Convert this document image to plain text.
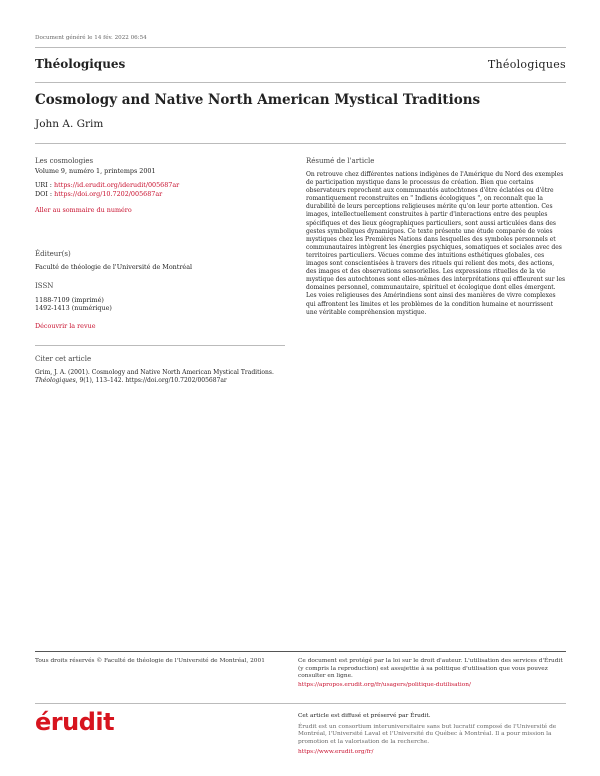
Document généré le 14 fév. 2022 06:54
Théologiques	Théologiques
Cosmology and Native North American Mystical Traditions
John A. Grim
Les cosmologies
Volume 9, numéro 1, printemps 2001
URI : https://id.erudit.org/iderudit/005687ar
DOI : https://doi.org/10.7202/005687ar
Aller au sommaire du numéro
Éditeur(s)
Faculté de théologie de l'Université de Montréal
ISSN
1188-7109 (imprimé)
1492-1413 (numérique)
Découvrir la revue
Citer cet article
Grim, J. A. (2001). Cosmology and Native North American Mystical Traditions.
Théologiques, 9(1), 113–142. https://doi.org/10.7202/005687ar
Résumé de l'article
On retrouve chez différentes nations indigènes de l'Amérique du Nord des exemples de participation mystique dans le processus de création. Bien que certains observateurs reprochent aux communautés autochtones d'être éclatées ou d'être romantiquement reconstruites en " Indiens écologiques ", on reconnaît que la durabilité de leurs perceptions religieuses mérite qu'on leur porte attention. Ces images, intellectuellement construites à partir d'interactions entre des peuples spécifiques et des lieux géographiques particuliers, sont aussi articulées dans des gestes symboliques dynamiques. Ce texte présente une étude comparée de voies mystiques chez les Premières Nations dans lesquelles des symboles personnels et communautaires intègrent les énergies psychiques, somatiques et sociales avec des territoires particuliers. Vécues comme des intuitions esthétiques globales, ces images sont conscientisées à travers des rituels qui relient des mots, des actions, des images et des observations sensorielles. Les expressions rituelles de la vie mystique des autochtones sont elles-mêmes des interprétations qui effleurent sur les domaines personnel, communautaire, spirituel et écologique dont elles émergent. Les voies religieuses des Amérindiens sont ainsi des manières de vivre complexes qui affrontent les limites et les problèmes de la condition humaine et nourrissent une véritable compréhension mystique.
Tous droits réservés © Faculté de théologie de l'Université de Montréal, 2001	Ce document est protégé par la loi sur le droit d'auteur. L'utilisation des services d'Érudit (y compris la reproduction) est assujettie à sa politique d'utilisation que vous pouvez consulter en ligne.
https://apropos.erudit.org/fr/usagers/politique-dutilisation/
érudit	Cet article est diffusé et préservé par Érudit.
Érudit est un consortium interuniversitaire sans but lucratif composé de l'Université de Montréal, l'Université Laval et l'Université du Québec à Montréal. Il a pour mission la promotion et la valorisation de la recherche.
https://www.erudit.org/fr/
